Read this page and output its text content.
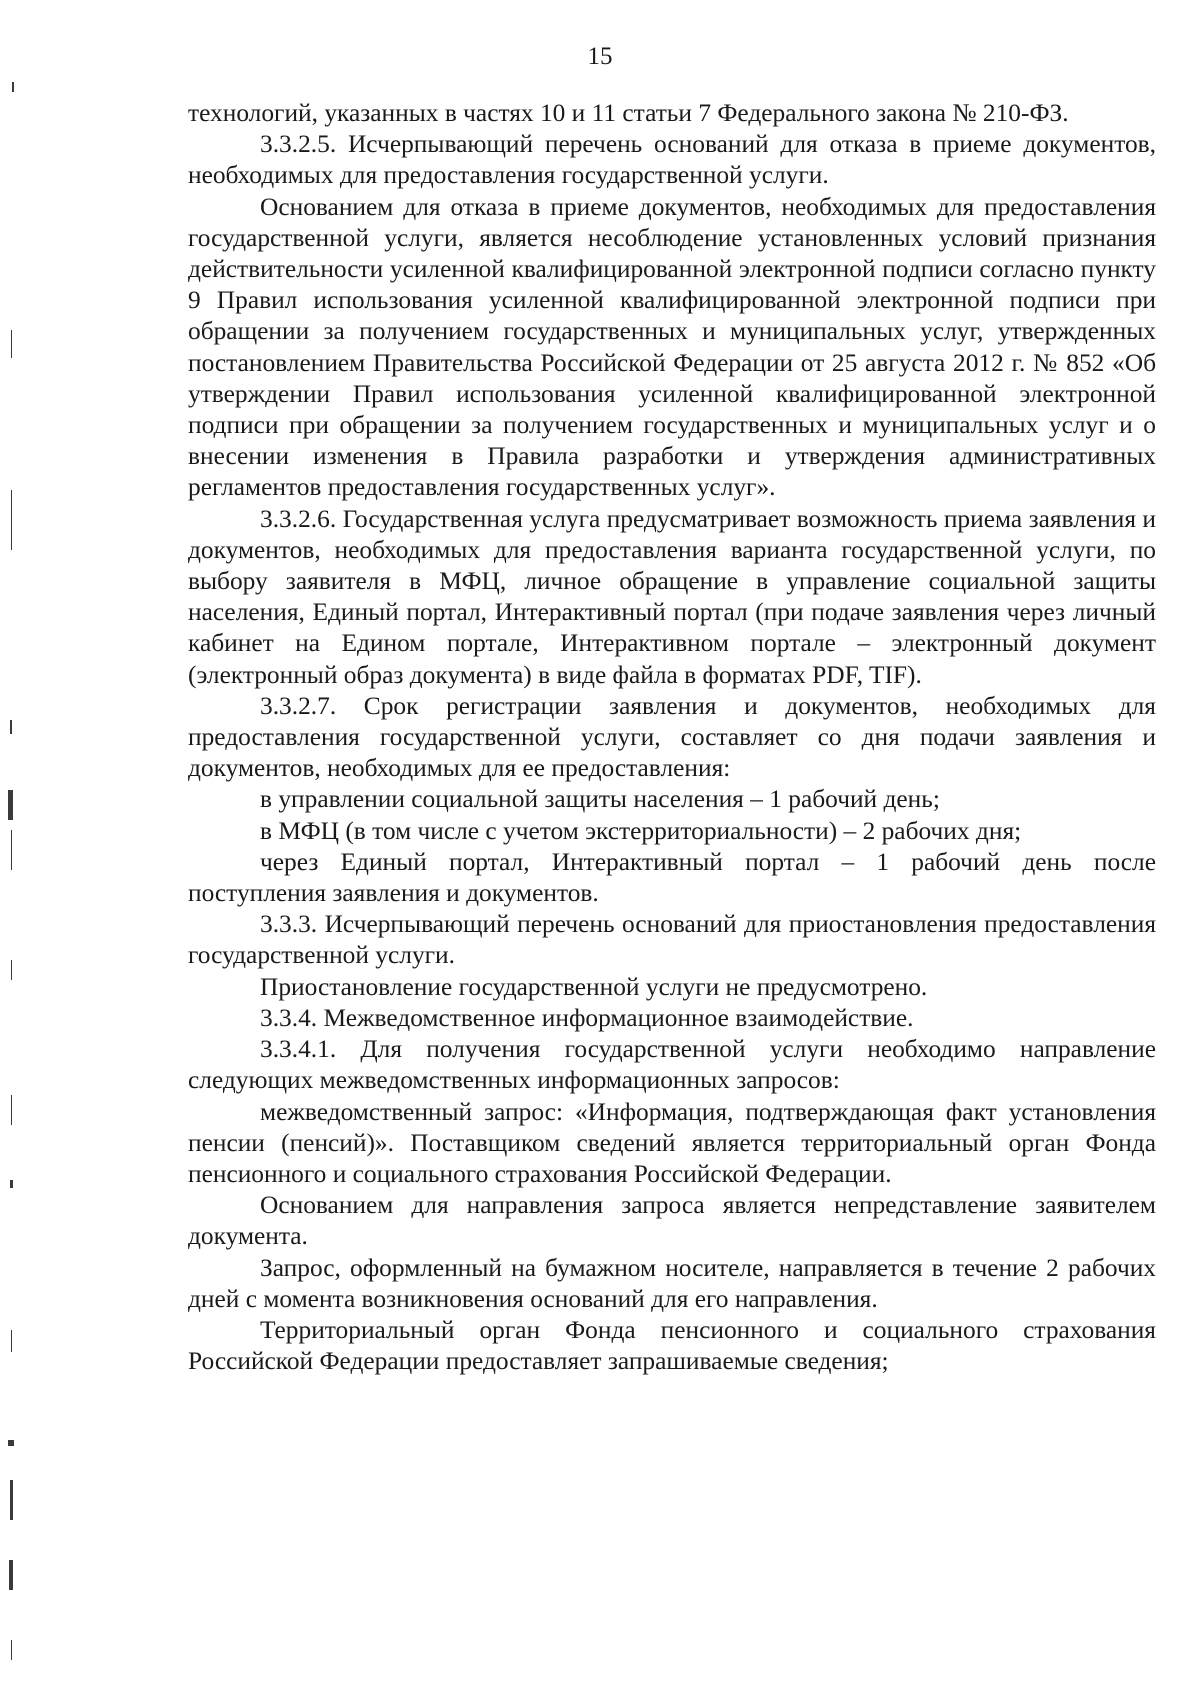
15

технологий, указанных в частях 10 и 11 статьи 7 Федерального закона № 210-ФЗ.

3.3.2.5. Исчерпывающий перечень оснований для отказа в приеме документов, необходимых для предоставления государственной услуги.

Основанием для отказа в приеме документов, необходимых для предоставления государственной услуги, является несоблюдение установленных условий признания действительности усиленной квалифицированной электронной подписи согласно пункту 9 Правил использования усиленной квалифицированной электронной подписи при обращении за получением государственных и муниципальных услуг, утвержденных постановлением Правительства Российской Федерации от 25 августа 2012 г. № 852 «Об утверждении Правил использования усиленной квалифицированной электронной подписи при обращении за получением государственных и муниципальных услуг и о внесении изменения в Правила разработки и утверждения административных регламентов предоставления государственных услуг».

3.3.2.6. Государственная услуга предусматривает возможность приема заявления и документов, необходимых для предоставления варианта государственной услуги, по выбору заявителя в МФЦ, личное обращение в управление социальной защиты населения, Единый портал, Интерактивный портал (при подаче заявления через личный кабинет на Едином портале, Интерактивном портале – электронный документ (электронный образ документа) в виде файла в форматах PDF, TIF).

3.3.2.7. Срок регистрации заявления и документов, необходимых для предоставления государственной услуги, составляет со дня подачи заявления и документов, необходимых для ее предоставления:

в управлении социальной защиты населения – 1 рабочий день;

в МФЦ (в том числе с учетом экстерриториальности) – 2 рабочих дня;

через Единый портал, Интерактивный портал – 1 рабочий день после поступления заявления и документов.

3.3.3. Исчерпывающий перечень оснований для приостановления предоставления государственной услуги.

Приостановление государственной услуги не предусмотрено.

3.3.4. Межведомственное информационное взаимодействие.

3.3.4.1. Для получения государственной услуги необходимо направление следующих межведомственных информационных запросов:

межведомственный запрос: «Информация, подтверждающая факт установления пенсии (пенсий)». Поставщиком сведений является территориальный орган Фонда пенсионного и социального страхования Российской Федерации.

Основанием для направления запроса является непредставление заявителем документа.

Запрос, оформленный на бумажном носителе, направляется в течение 2 рабочих дней с момента возникновения оснований для его направления.

Территориальный орган Фонда пенсионного и социального страхования Российской Федерации предоставляет запрашиваемые сведения;
